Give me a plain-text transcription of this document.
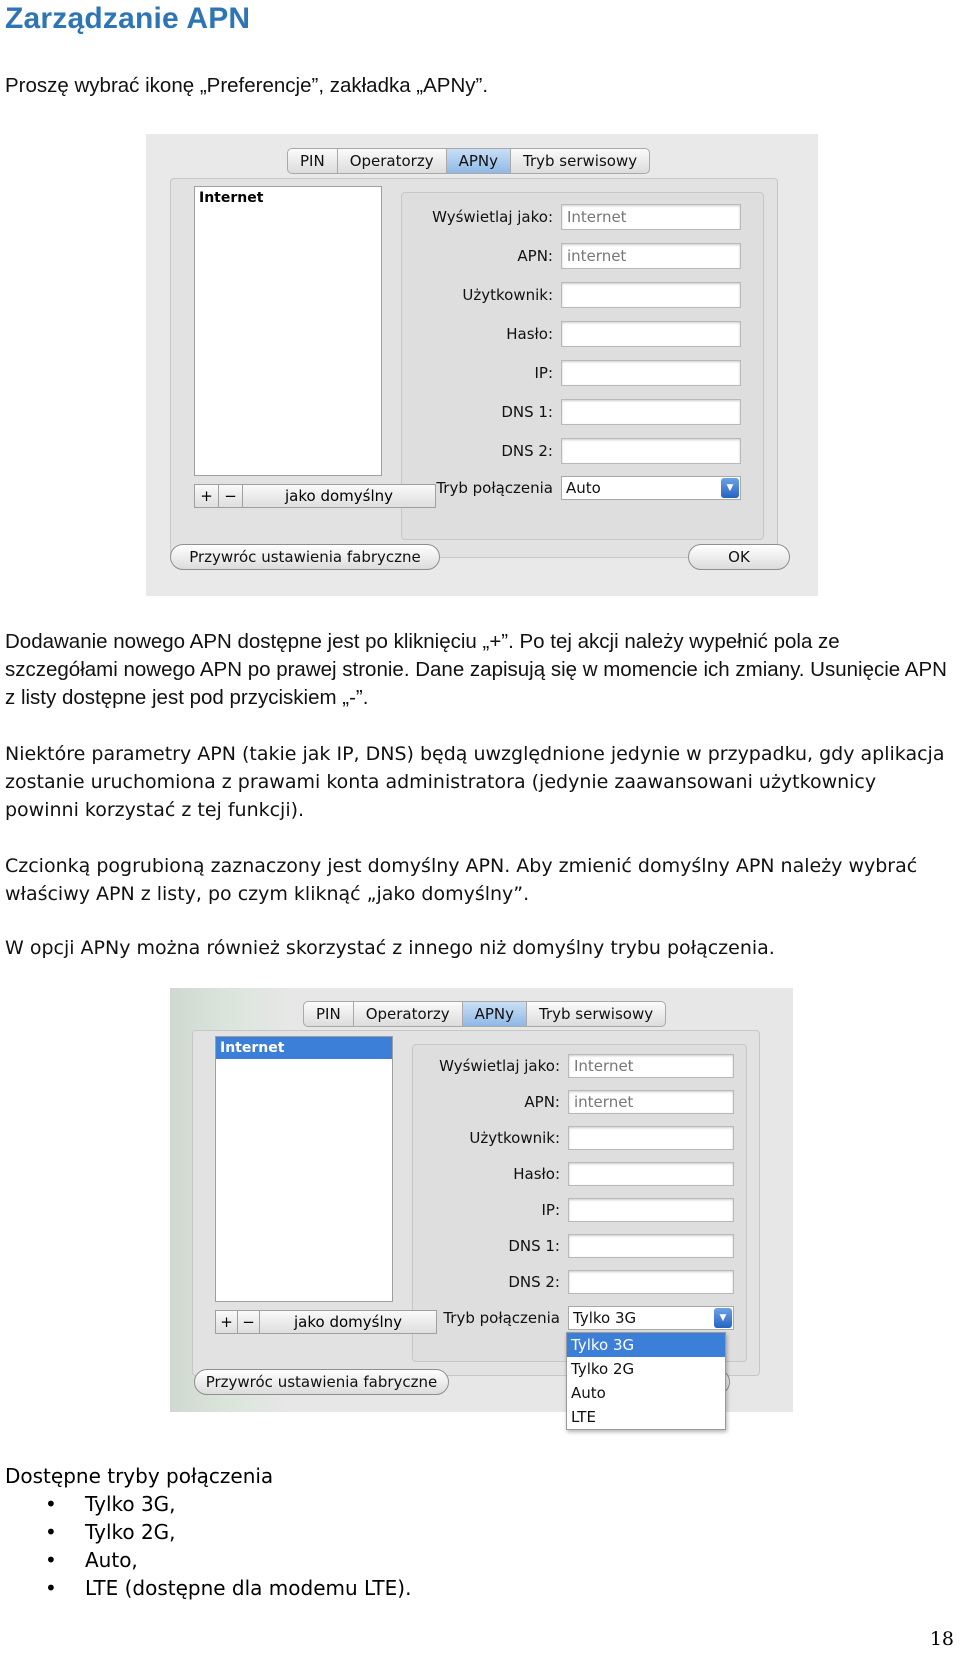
Zarządzanie APN
Proszę wybrać ikonę „Preferencje”, zakładka „APNy”.
PIN	Operatorzy	APNy	Tryb serwisowy
Internet
+ −	jako domyślny
Wyświetlaj jako: Internet
APN: internet
Użytkownik:
Hasło:
IP:
DNS 1:
DNS 2:
Tryb połączenia Auto	▼
Przywróc ustawienia fabryczne	OK
Dodawanie nowego APN dostępne jest po kliknięciu „+”. Po tej akcji należy wypełnić pola ze szczegółami nowego APN po prawej stronie. Dane zapisują się w momencie ich zmiany. Usunięcie APN z listy dostępne jest pod przyciskiem „-”.
Niektóre parametry APN (takie jak IP, DNS) będą uwzględnione jedynie w przypadku, gdy aplikacja zostanie uruchomiona z prawami konta administratora (jedynie zaawansowani użytkownicy powinni korzystać z tej funkcji).
Czcionką pogrubioną zaznaczony jest domyślny APN. Aby zmienić domyślny APN należy wybrać właściwy APN z listy, po czym kliknąć „jako domyślny”.
W opcji APNy można również skorzystać z innego niż domyślny trybu połączenia.
PIN	Operatorzy	APNy	Tryb serwisowy
Internet
+ −	jako domyślny
Wyświetlaj jako: Internet
APN: internet
Użytkownik:
Hasło:
IP:
DNS 1:
DNS 2:
Tryb połączenia Tylko 3G	▼
Przywróc ustawienia fabryczne
Tylko 3G
Tylko 2G
Auto
LTE
Dostępne tryby połączenia
• Tylko 3G,
• Tylko 2G,
• Auto,
• LTE (dostępne dla modemu LTE).
18
